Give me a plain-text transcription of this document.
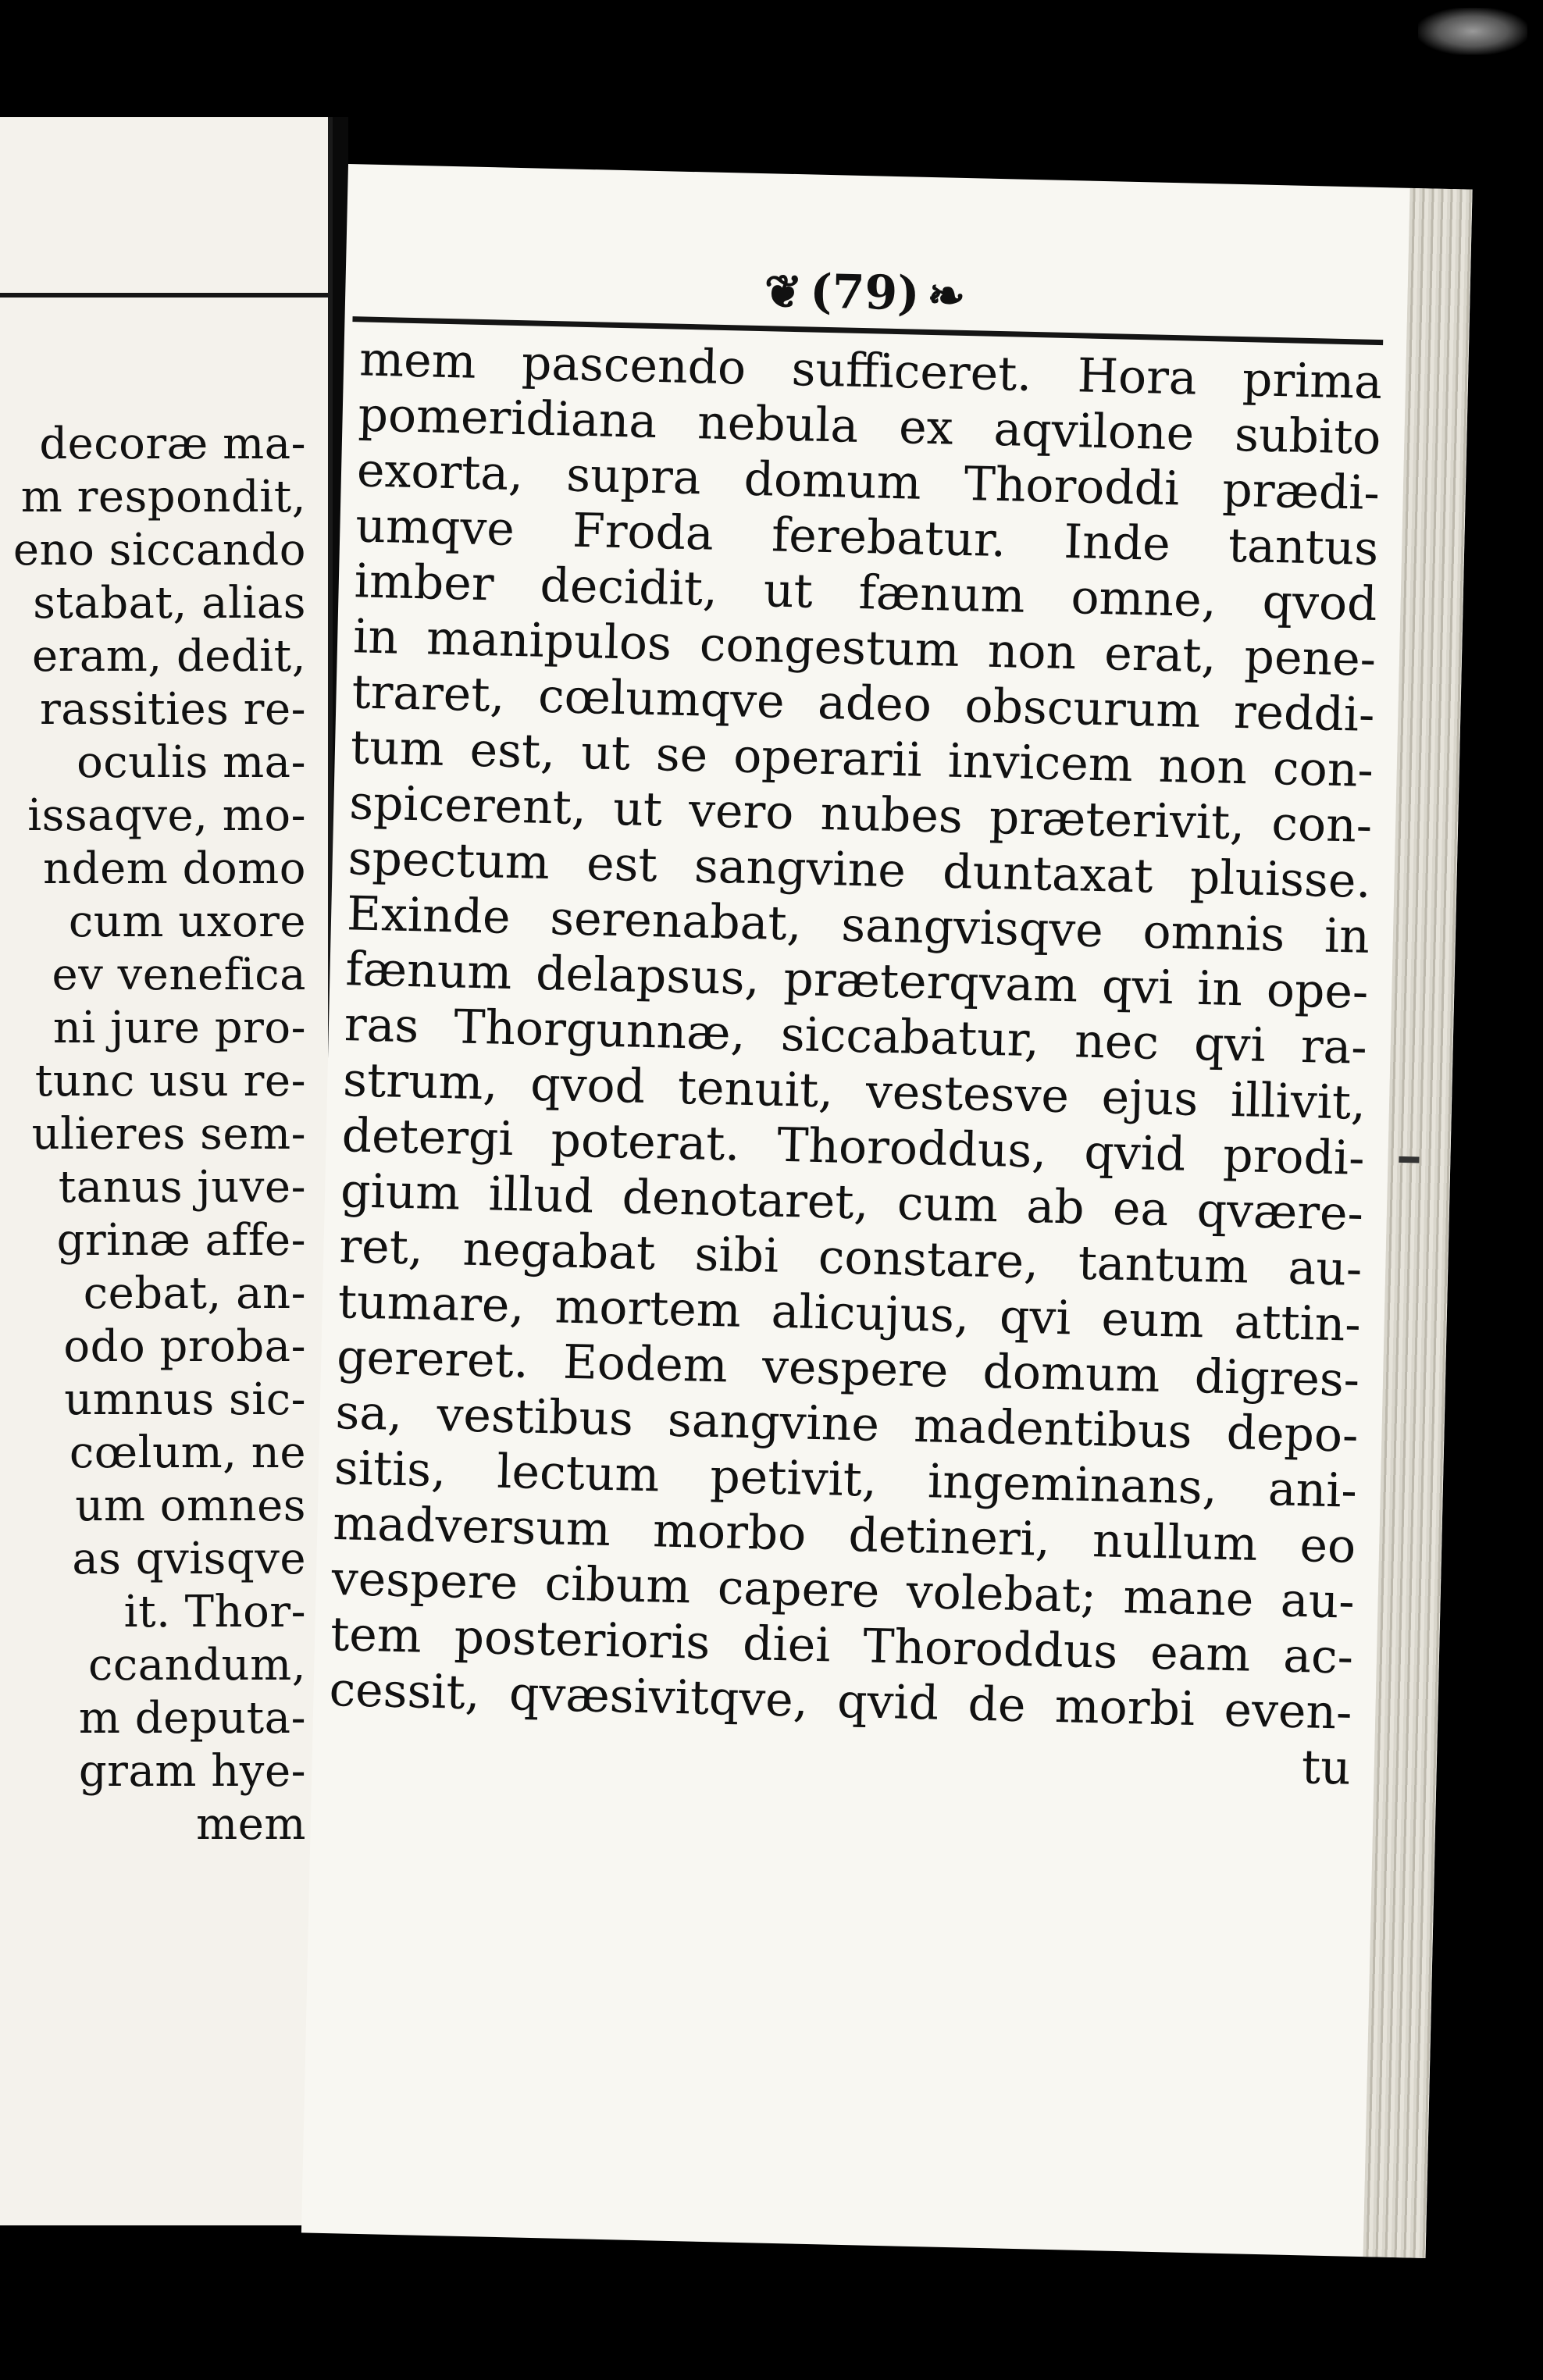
decoræ ma-
m respondit,
eno siccando
stabat, alias
eram, dedit,
rassities re-
oculis ma-
issaqve, mo-
ndem domo
cum uxore
ev venefica
ni jure pro-
tunc usu re-
ulieres sem-
tanus juve-
grinæ affe-
cebat, an-
odo proba-
umnus sic-
cœlum, ne
um omnes
as qvisqve
it. Thor-
ccandum,
m deputa-
gram hye-
mem
❦ (79) ❧
mem pascendo sufficeret. Hora prima
pomeridiana nebula ex aqvilone subito
exorta, supra domum Thoroddi prædi-
umqve Froda ferebatur. Inde tantus
imber decidit, ut fænum omne, qvod
in manipulos congestum non erat, pene-
traret, cœlumqve adeo obscurum reddi-
tum est, ut se operarii invicem non con-
spicerent, ut vero nubes præterivit, con-
spectum est sangvine duntaxat pluisse.
Exinde serenabat, sangvisqve omnis in
fænum delapsus, præterqvam qvi in ope-
ras Thorgunnæ, siccabatur, nec qvi ra-
strum, qvod tenuit, vestesve ejus illivit,
detergi poterat. Thoroddus, qvid prodi-
gium illud denotaret, cum ab ea qvære-
ret, negabat sibi constare, tantum au-
tumare, mortem alicujus, qvi eum attin-
gereret. Eodem vespere domum digres-
sa, vestibus sangvine madentibus depo-
sitis, lectum petivit, ingeminans, ani-
madversum morbo detineri, nullum eo
vespere cibum capere volebat; mane au-
tem posterioris diei Thoroddus eam ac-
cessit, qvæsivitqve, qvid de morbi even-
tu
